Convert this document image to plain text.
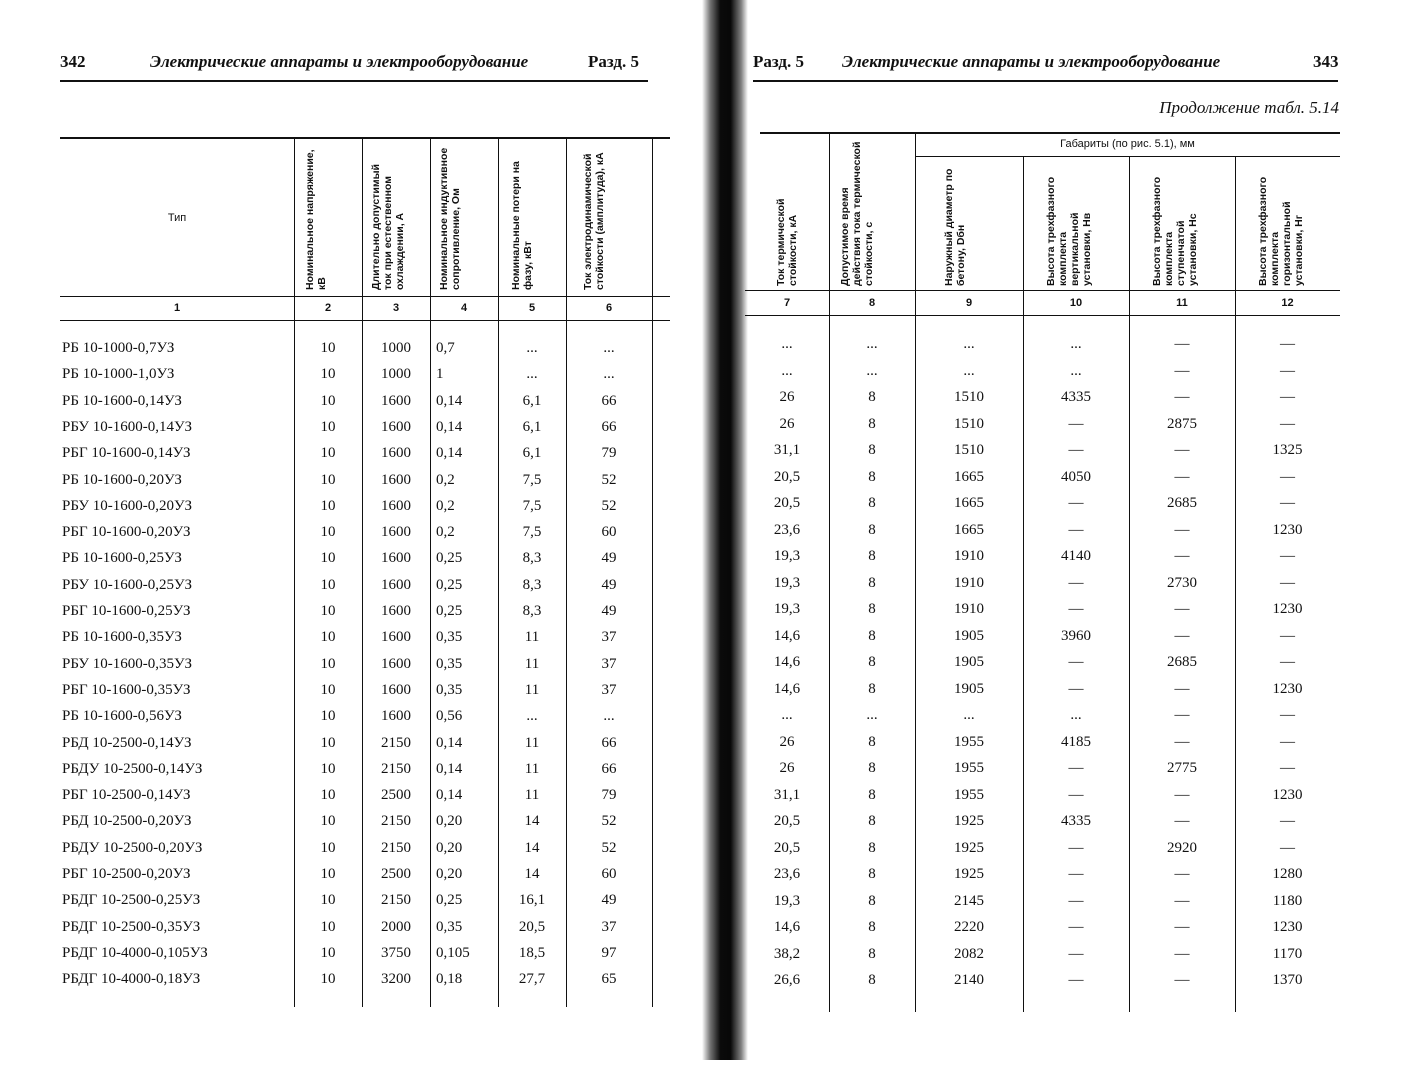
342	Электрические аппараты и электрооборудование	Разд. 5
Тип	Номинальное напряжение, кВ	Длительно допустимый ток при естественном охлаждении, А	Номинальное индуктивное сопротивление, Ом	Номинальные потери на фазу, кВт	Ток электродинамической стойкости (амплитуда), кА
1	2	3	4	5	6
РБ 10-1000-0,7УЗ	10	1000	0,7	...	...
РБ 10-1000-1,0УЗ	10	1000	1	...	...
РБ 10-1600-0,14УЗ	10	1600	0,14	6,1	66
РБУ 10-1600-0,14УЗ	10	1600	0,14	6,1	66
РБГ 10-1600-0,14УЗ	10	1600	0,14	6,1	79
РБ 10-1600-0,20УЗ	10	1600	0,2	7,5	52
РБУ 10-1600-0,20УЗ	10	1600	0,2	7,5	52
РБГ 10-1600-0,20УЗ	10	1600	0,2	7,5	60
РБ 10-1600-0,25УЗ	10	1600	0,25	8,3	49
РБУ 10-1600-0,25УЗ	10	1600	0,25	8,3	49
РБГ 10-1600-0,25УЗ	10	1600	0,25	8,3	49
РБ 10-1600-0,35УЗ	10	1600	0,35	11	37
РБУ 10-1600-0,35УЗ	10	1600	0,35	11	37
РБГ 10-1600-0,35УЗ	10	1600	0,35	11	37
РБ 10-1600-0,56УЗ	10	1600	0,56	...	...
РБД 10-2500-0,14УЗ	10	2150	0,14	11	66
РБДУ 10-2500-0,14УЗ	10	2150	0,14	11	66
РБГ 10-2500-0,14УЗ	10	2500	0,14	11	79
РБД 10-2500-0,20УЗ	10	2150	0,20	14	52
РБДУ 10-2500-0,20УЗ	10	2150	0,20	14	52
РБГ 10-2500-0,20УЗ	10	2500	0,20	14	60
РБДГ 10-2500-0,25УЗ	10	2150	0,25	16,1	49
РБДГ 10-2500-0,35УЗ	10	2000	0,35	20,5	37
РБДГ 10-4000-0,105УЗ	10	3750	0,105	18,5	97
РБДГ 10-4000-0,18УЗ	10	3200	0,18	27,7	65
Разд. 5 Электрические аппараты и электрооборудование	343
Продолжение табл. 5.14
Габариты (по рис. 5.1), мм
Ток термической стойкости, кА	Допустимое время действия тока термической стойкости, с	Наружный диаметр по бетону, Dбн	Высота трехфазного комплекта вертикальной установки, Hв	Высота трехфазного комплекта ступенчатой установки, Hс	Высота трехфазного комплекта горизонтальной установки, Hг
7	8	9	10	11	12
...	...	...	...	—	—
...	...	...	...	—	—
26	8	1510	4335	—	—
26	8	1510	—	2875	—
31,1	8	1510	—	—	1325
20,5	8	1665	4050	—	—
20,5	8	1665	—	2685	—
23,6	8	1665	—	—	1230
19,3	8	1910	4140	—	—
19,3	8	1910	—	2730	—
19,3	8	1910	—	—	1230
14,6	8	1905	3960	—	—
14,6	8	1905	—	2685	—
14,6	8	1905	—	—	1230
...	...	...	...	—	—
26	8	1955	4185	—	—
26	8	1955	—	2775	—
31,1	8	1955	—	—	1230
20,5	8	1925	4335	—	—
20,5	8	1925	—	2920	—
23,6	8	1925	—	—	1280
19,3	8	2145	—	—	1180
14,6	8	2220	—	—	1230
38,2	8	2082	—	—	1170
26,6	8	2140	—	—	1370
